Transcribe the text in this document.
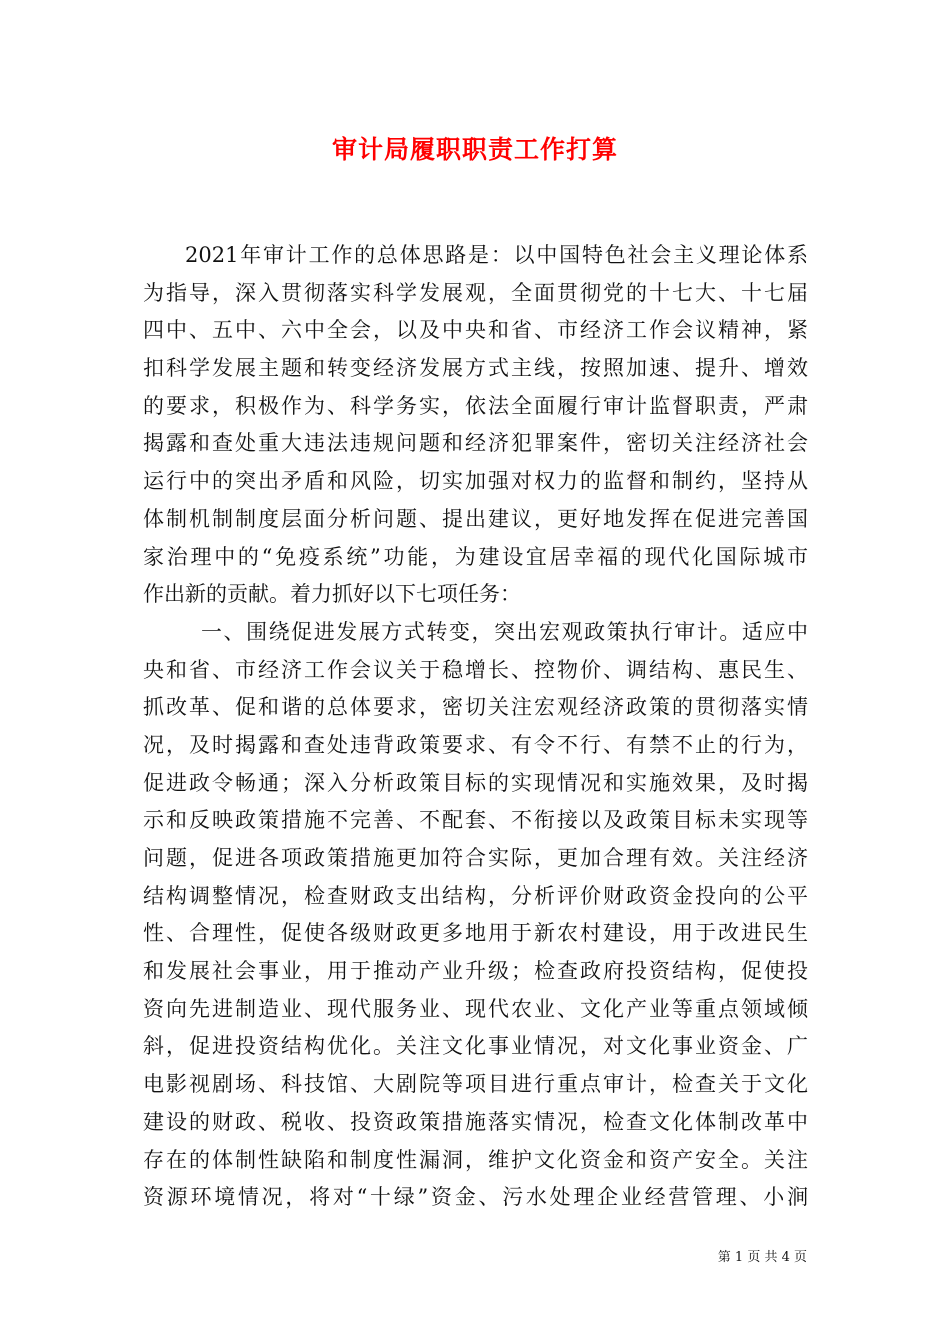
审计局履职职责工作打算
2021年审计工作的总体思路是：以中国特色社会主义理论体系
为指导，深入贯彻落实科学发展观，全面贯彻党的十七大、十七届
四中、五中、六中全会，以及中央和省、市经济工作会议精神，紧
扣科学发展主题和转变经济发展方式主线，按照加速、提升、增效
的要求，积极作为、科学务实，依法全面履行审计监督职责，严肃
揭露和查处重大违法违规问题和经济犯罪案件，密切关注经济社会
运行中的突出矛盾和风险，切实加强对权力的监督和制约，坚持从
体制机制制度层面分析问题、提出建议，更好地发挥在促进完善国
家治理中的“免疫系统”功能，为建设宜居幸福的现代化国际城市
作出新的贡献。着力抓好以下七项任务：
一、围绕促进发展方式转变，突出宏观政策执行审计。适应中
央和省、市经济工作会议关于稳增长、控物价、调结构、惠民生、
抓改革、促和谐的总体要求，密切关注宏观经济政策的贯彻落实情
况，及时揭露和查处违背政策要求、有令不行、有禁不止的行为，
促进政令畅通；深入分析政策目标的实现情况和实施效果，及时揭
示和反映政策措施不完善、不配套、不衔接以及政策目标未实现等
问题，促进各项政策措施更加符合实际，更加合理有效。关注经济
结构调整情况，检查财政支出结构，分析评价财政资金投向的公平
性、合理性，促使各级财政更多地用于新农村建设，用于改进民生
和发展社会事业，用于推动产业升级；检查政府投资结构，促使投
资向先进制造业、现代服务业、现代农业、文化产业等重点领域倾
斜，促进投资结构优化。关注文化事业情况，对文化事业资金、广
电影视剧场、科技馆、大剧院等项目进行重点审计，检查关于文化
建设的财政、税收、投资政策措施落实情况，检查文化体制改革中
存在的体制性缺陷和制度性漏洞，维护文化资金和资产安全。关注
资源环境情况，将对“十绿”资金、污水处理企业经营管理、小涧
第 1 页 共 4 页
